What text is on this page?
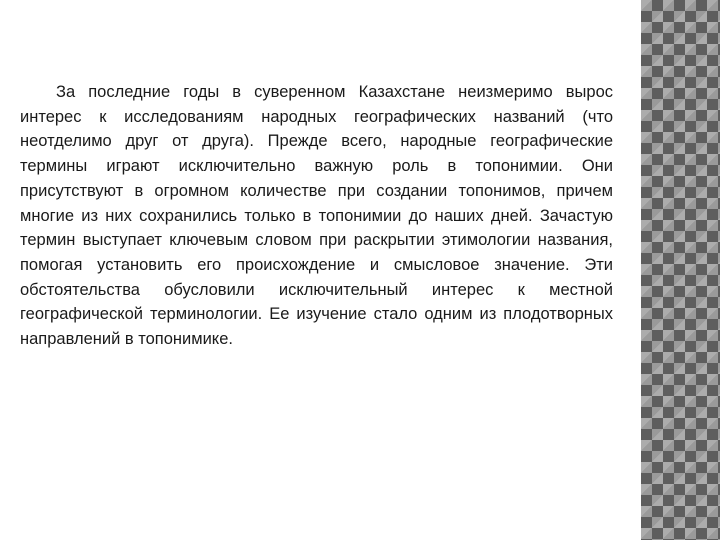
За последние годы в суверенном Казахстане неизмеримо вырос интерес к исследованиям народных географических названий (что неотделимо друг от друга). Прежде всего, народные географические термины играют исключительно важную роль в топонимии. Они присутствуют в огромном количестве при создании топонимов, причем многие из них сохранились только в топонимии до наших дней. Зачастую термин выступает ключевым словом при раскрытии этимологии названия, помогая установить его происхождение и смысловое значение. Эти обстоятельства обусловили исключительный интерес к местной географической терминологии. Ее изучение стало одним из плодотворных направлений в топонимике.
